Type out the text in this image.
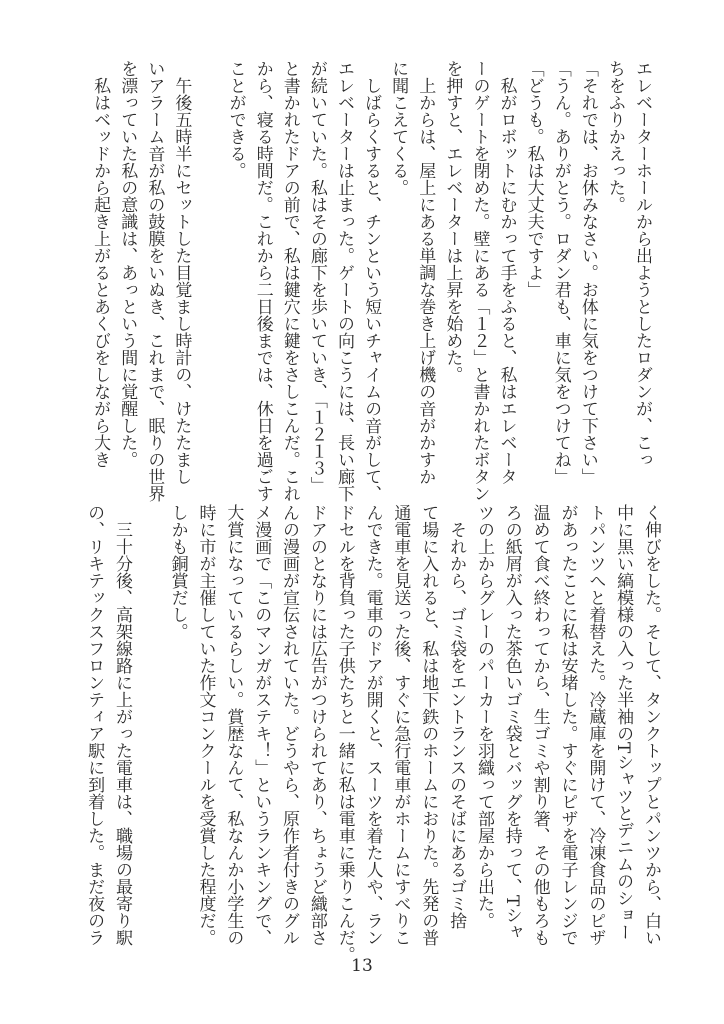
エレベーターホールから出ようとしたロダンが、こっ
ちをふりかえった。
「それでは、お休みなさい。お体に気をつけて下さい」
「うん。ありがとう。ロダン君も、車に気をつけてね」
「どうも。私は大丈夫ですよ」
　私がロボットにむかって手をふると、私はエレベータ
ーのゲートを閉めた。壁にある「１２」と書かれたボタン
を押すと、エレベーターは上昇を始めた。
　上からは、屋上にある単調な巻き上げ機の音がかすか
に聞こえてくる。
　しばらくすると、チンという短いチャイムの音がして、
エレベーターは止まった。ゲートの向こうには、長い廊下
が続いていた。私はその廊下を歩いていき、「１２１３」
と書かれたドアの前で、私は鍵穴に鍵をさしこんだ。これ
から、寝る時間だ。これから二日後までは、休日を過ごす
ことができる。
　午後五時半にセットした目覚まし時計の、けたたまし
いアラーム音が私の鼓膜をいぬき、これまで、眠りの世界
を漂っていた私の意識は、あっという間に覚醒した。
　私はベッドから起き上がるとあくびをしながら大き
く伸びをした。そして、タンクトップとパンツから、白い
中に黒い縞模様の入った半袖のTシャツとデニムのショー
トパンツへと着替えた。冷蔵庫を開けて、冷凍食品のピザ
があったことに私は安堵した。すぐにピザを電子レンジで
温めて食べ終わってから、生ゴミや割り箸、その他もろも
ろの紙屑が入った茶色いゴミ袋とバッグを持って、Tシャ
ツの上からグレーのパーカーを羽織って部屋から出た。
　それから、ゴミ袋をエントランスのそばにあるゴミ捨
て場に入れると、私は地下鉄のホームにおりた。先発の普
通電車を見送った後、すぐに急行電車がホームにすべりこ
んできた。電車のドアが開くと、スーツを着た人や、ラン
ドセルを背負った子供たちと一緒に私は電車に乗りこんだ。
ドアのとなりには広告がつけられてあり、ちょうど織部さ
んの漫画が宣伝されていた。どうやら、原作者付きのグル
メ漫画で「このマンガがステキ！」というランキングで、
大賞になっているらしい。賞歴なんて、私なんか小学生の
時に市が主催していた作文コンクールを受賞した程度だ。
しかも銅賞だし。
　三十分後、高架線路に上がった電車は、職場の最寄り駅
の、リキテックスフロンティア駅に到着した。まだ夜のラ
13
